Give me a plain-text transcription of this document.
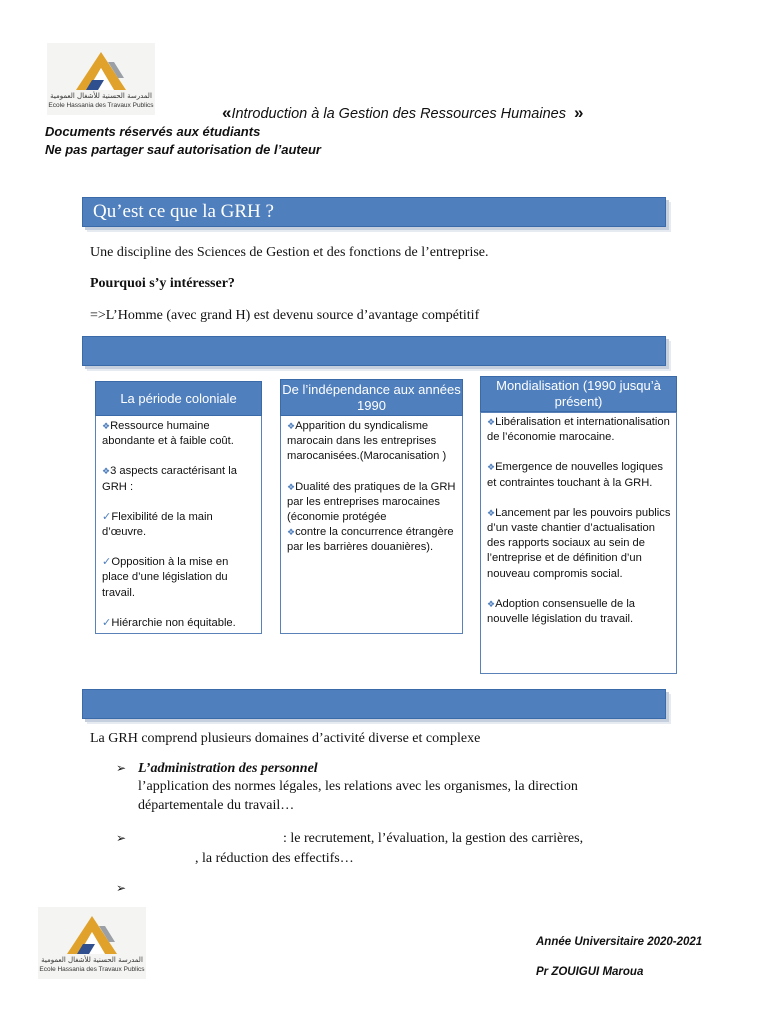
المدرسة الحسنية للأشغال العمومية
Ecole Hassania des Travaux Publics	«Introduction à la Gestion des Ressources Humaines »
Documents réservés aux étudiants
Ne pas partager sauf autorisation de l’auteur
Qu’est ce que la GRH ?
Une discipline des Sciences de Gestion et des fonctions de l’entreprise.
Pourquoi s’y intéresser?
=>L’Homme (avec grand H) est devenu source d’avantage compétitif

❖Ressource humaine abondante et à faible coût.

❖3 aspects caractérisant la GRH :

✓Flexibilité de la main d’œuvre.

✓Opposition à la mise en place d’une législation du travail.

✓Hiérarchie non équitable.

La période coloniale

❖Apparition du syndicalisme marocain dans les entreprises marocanisées.(Marocanisation )

❖Dualité des pratiques de la GRH par les entreprises marocaines (économie protégée

❖contre la concurrence étrangère par les barrières douanières).

De l’indépendance aux années 1990

❖Libéralisation et internationalisation de l’économie marocaine.

❖Emergence de nouvelles logiques et contraintes touchant à la GRH.

❖Lancement par les pouvoirs publics d’un vaste chantier d’actualisation des rapports sociaux au sein de l’entreprise et de définition d’un nouveau compromis social.

❖Adoption consensuelle de la nouvelle législation du travail.

Mondialisation (1990 jusqu’à présent)
La GRH comprend plusieurs domaines d’activité diverse et complexe
➢ L’administration des personnel
l’application des normes légales, les relations avec les organismes, la direction
départementale du travail…
➢	: le recrutement, l’évaluation, la gestion des carrières,
, la réduction des effectifs…
➢
المدرسة الحسنية للأشغال العمومية
Ecole Hassania des Travaux Publics
Année Universitaire 2020-2021
Pr ZOUIGUI Maroua
